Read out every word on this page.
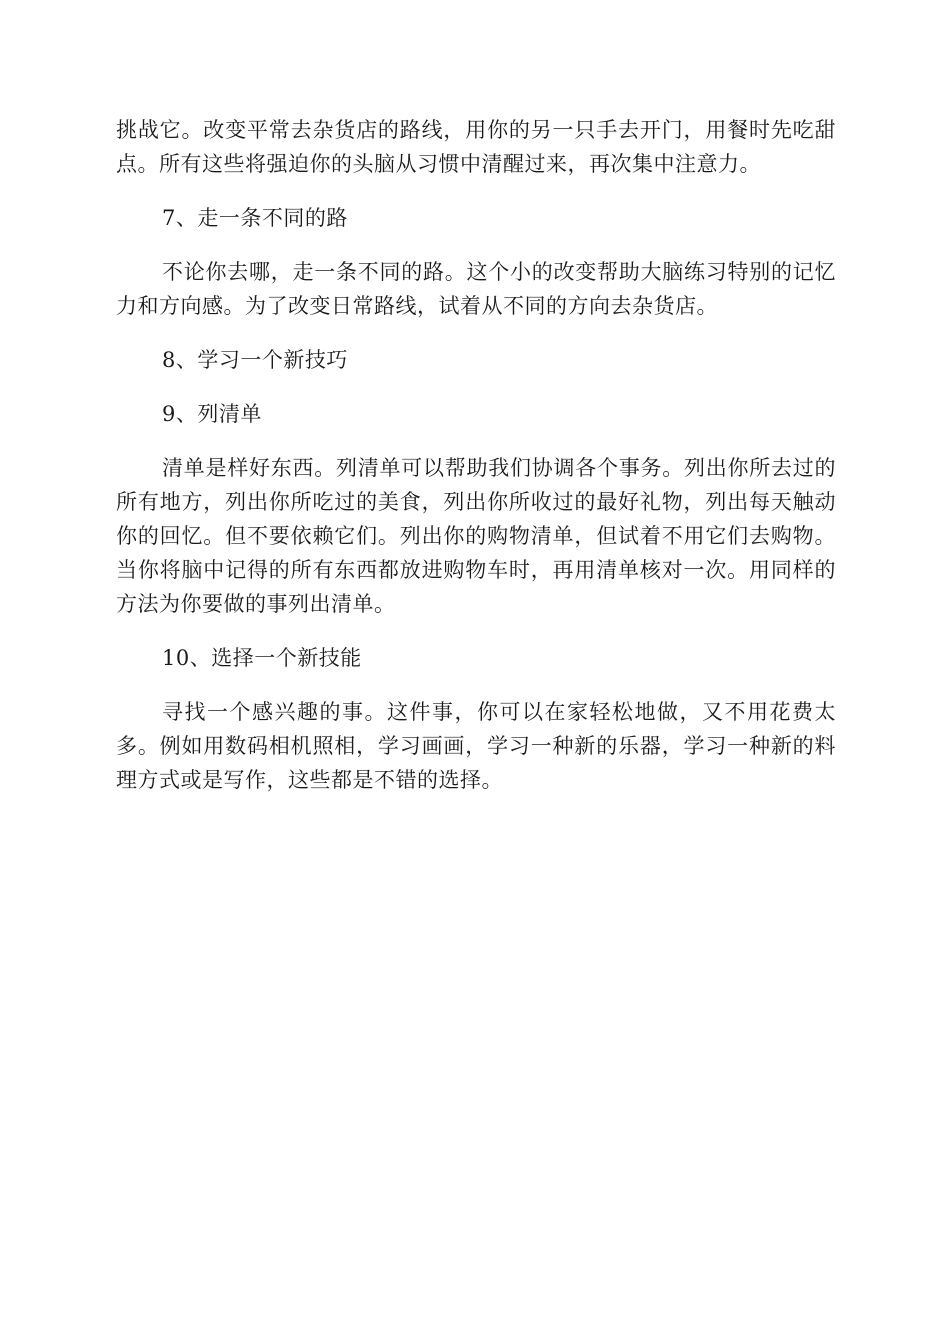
挑战它。改变平常去杂货店的路线，用你的另一只手去开门，用餐时先吃甜点。所有这些将强迫你的头脑从习惯中清醒过来，再次集中注意力。

7、走一条不同的路

不论你去哪，走一条不同的路。这个小的改变帮助大脑练习特别的记忆力和方向感。为了改变日常路线，试着从不同的方向去杂货店。

8、学习一个新技巧

9、列清单

清单是样好东西。列清单可以帮助我们协调各个事务。列出你所去过的所有地方，列出你所吃过的美食，列出你所收过的最好礼物，列出每天触动你的回忆。但不要依赖它们。列出你的购物清单，但试着不用它们去购物。当你将脑中记得的所有东西都放进购物车时，再用清单核对一次。用同样的方法为你要做的事列出清单。

10、选择一个新技能

寻找一个感兴趣的事。这件事，你可以在家轻松地做，又不用花费太多。例如用数码相机照相，学习画画，学习一种新的乐器，学习一种新的料理方式或是写作，这些都是不错的选择。
